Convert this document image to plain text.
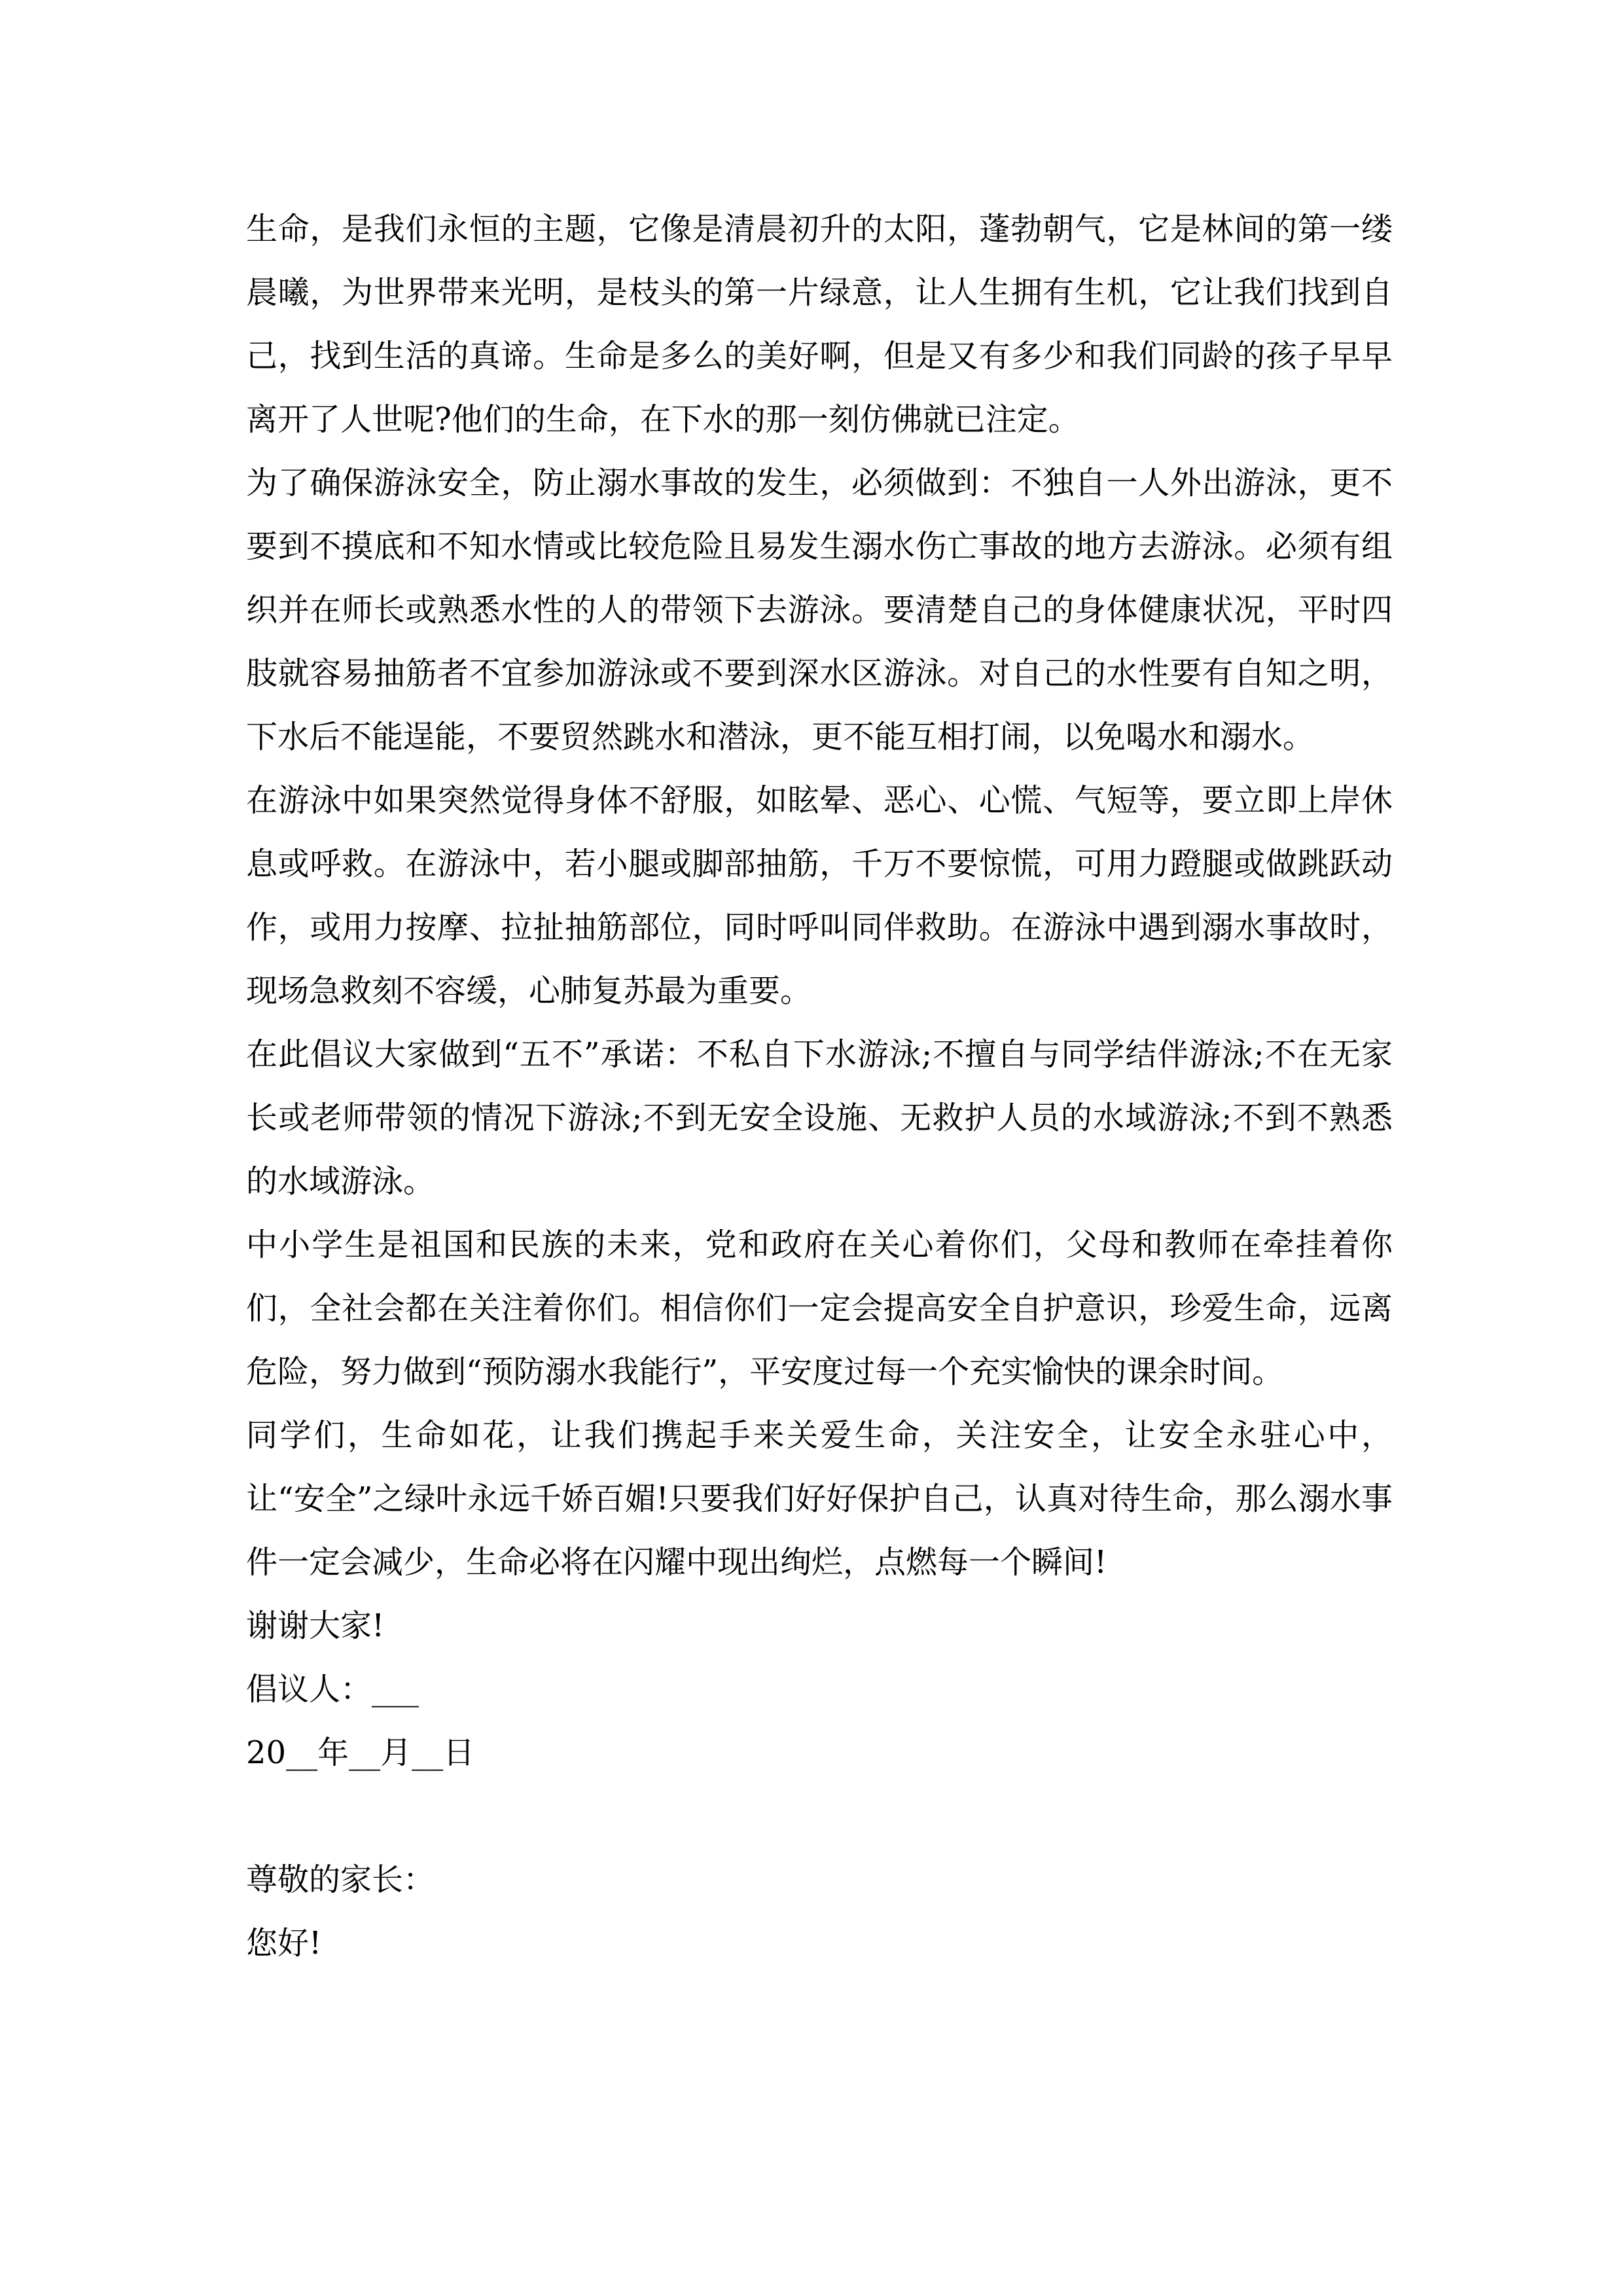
生命，是我们永恒的主题，它像是清晨初升的太阳，蓬勃朝气，它是林间的第一缕晨曦，为世界带来光明，是枝头的第一片绿意，让人生拥有生机，它让我们找到自己，找到生活的真谛。生命是多么的美好啊，但是又有多少和我们同龄的孩子早早离开了人世呢?他们的生命，在下水的那一刻仿佛就已注定。

为了确保游泳安全，防止溺水事故的发生，必须做到：不独自一人外出游泳，更不要到不摸底和不知水情或比较危险且易发生溺水伤亡事故的地方去游泳。必须有组织并在师长或熟悉水性的人的带领下去游泳。要清楚自己的身体健康状况，平时四肢就容易抽筋者不宜参加游泳或不要到深水区游泳。对自己的水性要有自知之明，下水后不能逞能，不要贸然跳水和潜泳，更不能互相打闹，以免喝水和溺水。

在游泳中如果突然觉得身体不舒服，如眩晕、恶心、心慌、气短等，要立即上岸休息或呼救。在游泳中，若小腿或脚部抽筋，千万不要惊慌，可用力蹬腿或做跳跃动作，或用力按摩、拉扯抽筋部位，同时呼叫同伴救助。在游泳中遇到溺水事故时，现场急救刻不容缓，心肺复苏最为重要。

在此倡议大家做到“五不”承诺：不私自下水游泳;不擅自与同学结伴游泳;不在无家长或老师带领的情况下游泳;不到无安全设施、无救护人员的水域游泳;不到不熟悉的水域游泳。

中小学生是祖国和民族的未来，党和政府在关心着你们，父母和教师在牵挂着你们，全社会都在关注着你们。相信你们一定会提高安全自护意识，珍爱生命，远离危险，努力做到“预防溺水我能行”，平安度过每一个充实愉快的课余时间。

同学们，生命如花，让我们携起手来关爱生命，关注安全，让安全永驻心中，让“安全”之绿叶永远千娇百媚!只要我们好好保护自己，认真对待生命，那么溺水事件一定会减少，生命必将在闪耀中现出绚烂，点燃每一个瞬间!

谢谢大家!

倡议人：___

20__年__月__日

尊敬的家长：

您好!
